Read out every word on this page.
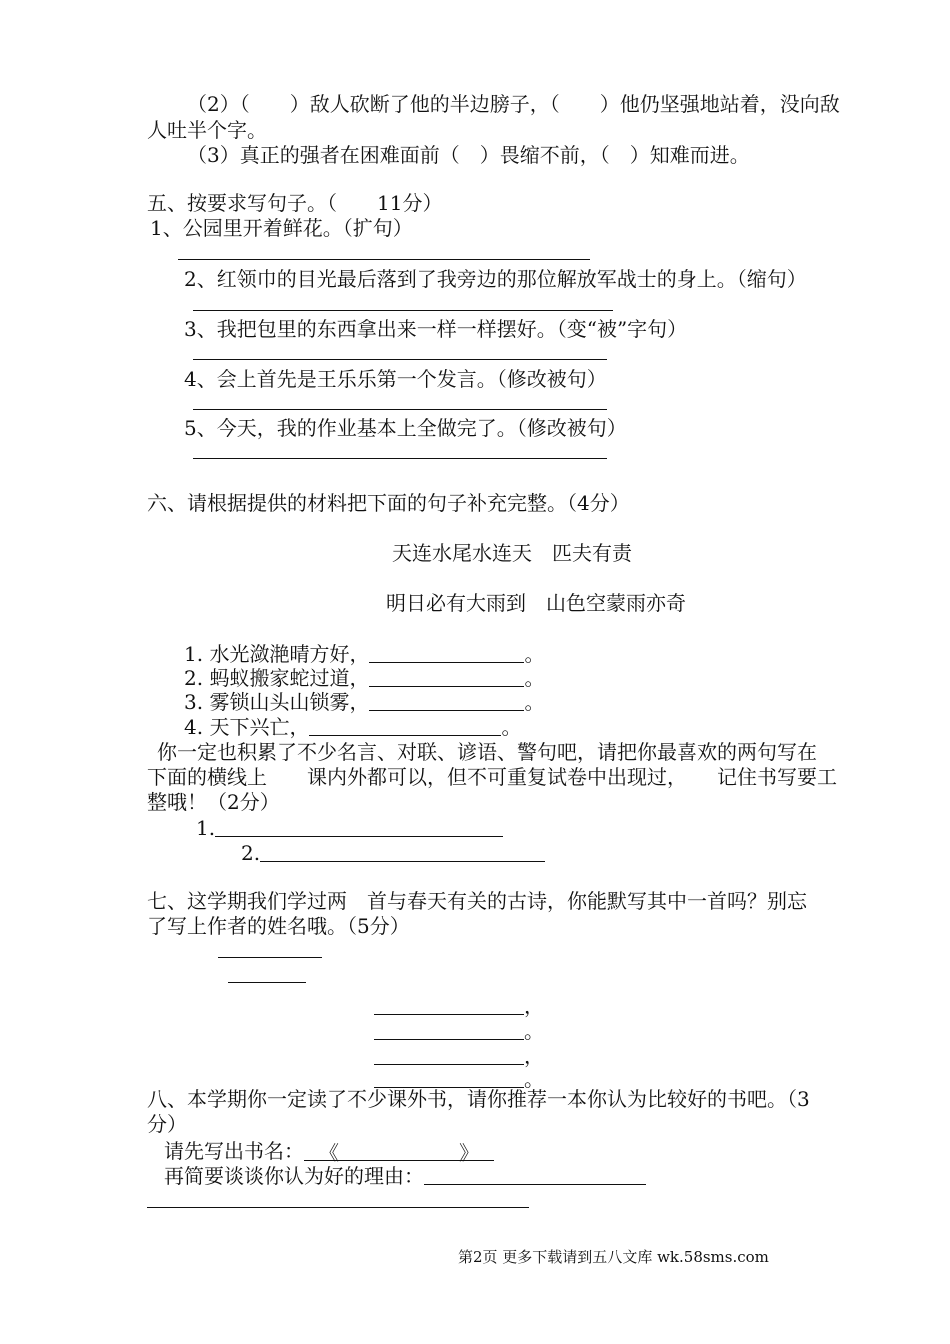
（2）（　　）敌人砍断了他的半边膀子，（　　）他仍坚强地站着，没向敌
人吐半个字。
（3）真正的强者在困难面前（　）畏缩不前，（　）知难而进。
五、按要求写句子。（　　11分）
1、公园里开着鲜花。（扩句）
2、红领巾的目光最后落到了我旁边的那位解放军战士的身上。（缩句）
3、我把包里的东西拿出来一样一样摆好。（变“被”字句）
4、会上首先是王乐乐第一个发言。（修改被句）
5、今天，我的作业基本上全做完了。（修改被句）
六、请根据提供的材料把下面的句子补充完整。（4分）
天连水尾水连天　匹夫有责
明日必有大雨到　山色空蒙雨亦奇
1. 水光潋滟晴方好，	。
2. 蚂蚁搬家蛇过道，	。
3. 雾锁山头山锁雾，	。
4. 天下兴亡，	。
你一定也积累了不少名言、对联、谚语、警句吧，请把你最喜欢的两句写在
下面的横线上　　课内外都可以，但不可重复试卷中出现过，　　记住书写要工
整哦！（2分）
1.
2.
七、这学期我们学过两　首与春天有关的古诗，你能默写其中一首吗？别忘
了写上作者的姓名哦。（5分）
，
。
，
。
八、本学期你一定读了不少课外书，请你推荐一本你认为比较好的书吧。（3
分）
请先写出书名： 《	》
再简要谈谈你认为好的理由：
第2页 更多下载请到五八文库 wk.58sms.com
